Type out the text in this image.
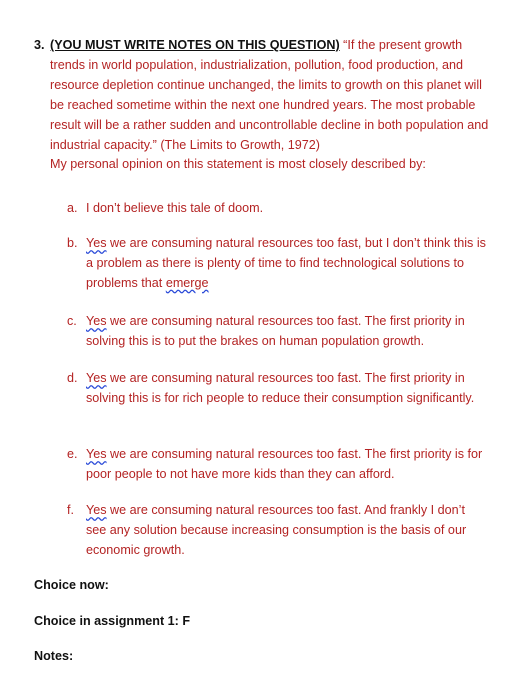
3. (YOU MUST WRITE NOTES ON THIS QUESTION) “If the present growth trends in world population, industrialization, pollution, food production, and resource depletion continue unchanged, the limits to growth on this planet will be reached sometime within the next one hundred years. The most probable result will be a rather sudden and uncontrollable decline in both population and industrial capacity.” (The Limits to Growth, 1972)
My personal opinion on this statement is most closely described by:
a. I don’t believe this tale of doom.
b. Yes we are consuming natural resources too fast, but I don’t think this is a problem as there is plenty of time to find technological solutions to problems that emerge
c. Yes we are consuming natural resources too fast. The first priority in solving this is to put the brakes on human population growth.
d. Yes we are consuming natural resources too fast. The first priority in solving this is for rich people to reduce their consumption significantly.
e. Yes we are consuming natural resources too fast. The first priority is for poor people to not have more kids than they can afford.
f. Yes we are consuming natural resources too fast. And frankly I don’t see any solution because increasing consumption is the basis of our economic growth.
Choice now:
Choice in assignment 1: F
Notes:
